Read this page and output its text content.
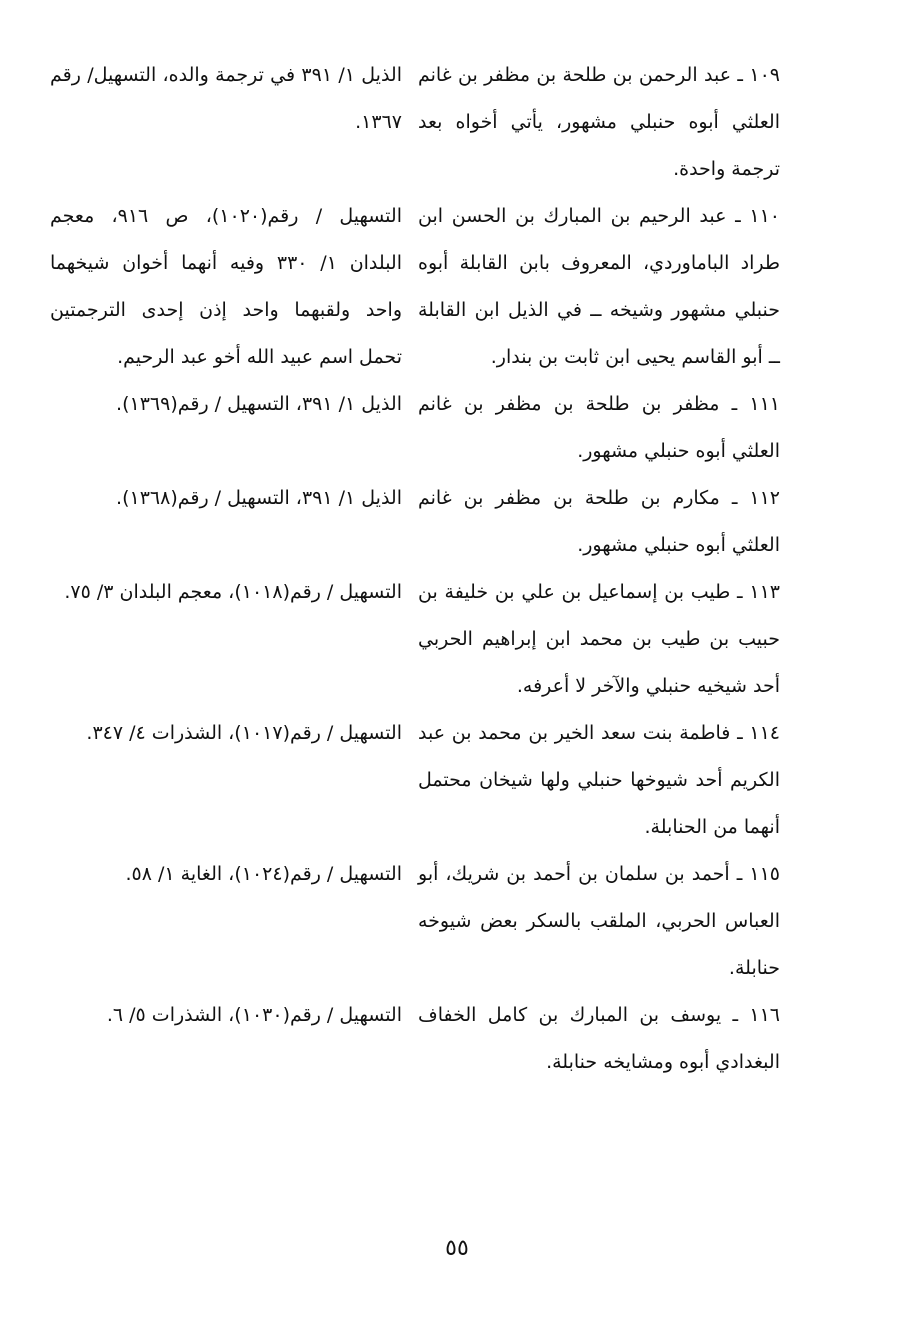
١٠٩ ـ عبد الرحمن بن طلحة بن مظفر بن غانم العلثي أبوه حنبلي مشهور، يأتي أخواه بعد ترجمة واحدة.
الذيل ١/ ٣٩١ في ترجمة والده، التسهيل/ رقم ١٣٦٧.
١١٠ ـ عبد الرحيم بن المبارك بن الحسن ابن طراد الباماوردي، المعروف بابن القابلة أبوه حنبلي مشهور وشيخه ــ في الذيل ابن القابلة ــ أبو القاسم يحيى ابن ثابت بن بندار.
التسهيل / رقم(١٠٢٠)، ص ٩١٦، معجم البلدان ١/ ٣٣٠ وفيه أنهما أخوان شيخهما واحد ولقبهما واحد إذن إحدى الترجمتين تحمل اسم عبيد الله أخو عبد الرحيم.
١١١ ـ مظفر بن طلحة بن مظفر بن غانم العلثي أبوه حنبلي مشهور.
الذيل ١/ ٣٩١، التسهيل / رقم(١٣٦٩).
١١٢ ـ مكارم بن طلحة بن مظفر بن غانم العلثي أبوه حنبلي مشهور.
الذيل ١/ ٣٩١، التسهيل / رقم(١٣٦٨).
١١٣ ـ طيب بن إسماعيل بن علي بن خليفة بن حبيب بن طيب بن محمد ابن إبراهيم الحربي أحد شيخيه حنبلي والآخر لا أعرفه.
التسهيل / رقم(١٠١٨)، معجم البلدان ٣/ ٧٥.
١١٤ ـ فاطمة بنت سعد الخير بن محمد بن عبد الكريم أحد شيوخها حنبلي ولها شيخان محتمل أنهما من الحنابلة.
التسهيل / رقم(١٠١٧)، الشذرات ٤/ ٣٤٧.
١١٥ ـ أحمد بن سلمان بن أحمد بن شريك، أبو العباس الحربي، الملقب بالسكر بعض شيوخه حنابلة.
التسهيل / رقم(١٠٢٤)، الغاية ١/ ٥٨.
١١٦ ـ يوسف بن المبارك بن كامل الخفاف البغدادي أبوه ومشايخه حنابلة.
التسهيل / رقم(١٠٣٠)، الشذرات ٥/ ٦.
٥٥
